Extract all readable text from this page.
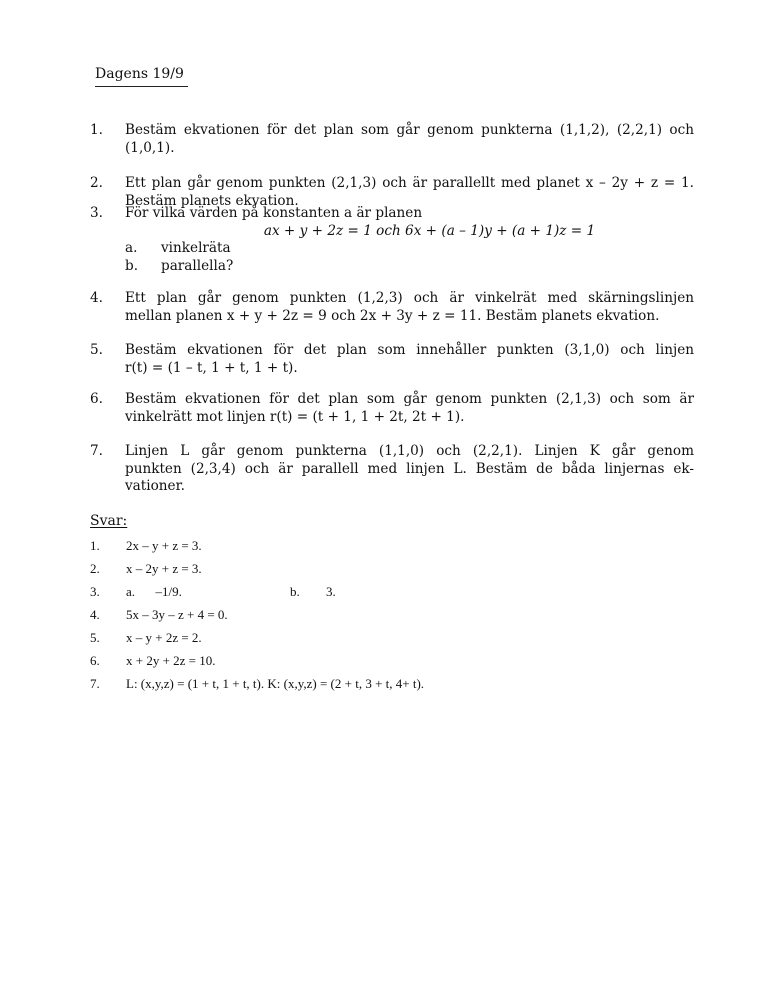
Dagens 19/9
1. Bestäm ekvationen för det plan som går genom punkterna (1,1,2), (2,2,1) och
(1,0,1).
2. Ett plan går genom punkten (2,1,3) och är parallellt med planet x – 2y + z = 1.
Bestäm planets ekvation.
3. För vilka värden på konstanten a är planen
ax + y + 2z = 1 och 6x + (a – 1)y + (a + 1)z = 1
a. vinkelräta
b. parallella?
4. Ett plan går genom punkten (1,2,3) och är vinkelrät med skärningslinjen
mellan planen x + y + 2z = 9 och 2x + 3y + z = 11. Bestäm planets ekvation.
5. Bestäm ekvationen för det plan som innehåller punkten (3,1,0) och linjen
r(t) = (1 – t, 1 + t, 1 + t).
6. Bestäm ekvationen för det plan som går genom punkten (2,1,3) och som är
vinkelrätt mot linjen r(t) = (t + 1, 1 + 2t, 2t + 1).
7. Linjen L går genom punkterna (1,1,0) och (2,2,1). Linjen K går genom
punkten (2,3,4) och är parallell med linjen L. Bestäm de båda linjernas ek-
vationer.
Svar:
1. 2x – y + z = 3.
2. x – 2y + z = 3.
3. a. –1/9.	b. 3.
4. 5x – 3y – z + 4 = 0.
5. x – y + 2z = 2.
6. x + 2y + 2z = 10.
7. L: (x,y,z) = (1 + t, 1 + t, t). K: (x,y,z) = (2 + t, 3 + t, 4+ t).
